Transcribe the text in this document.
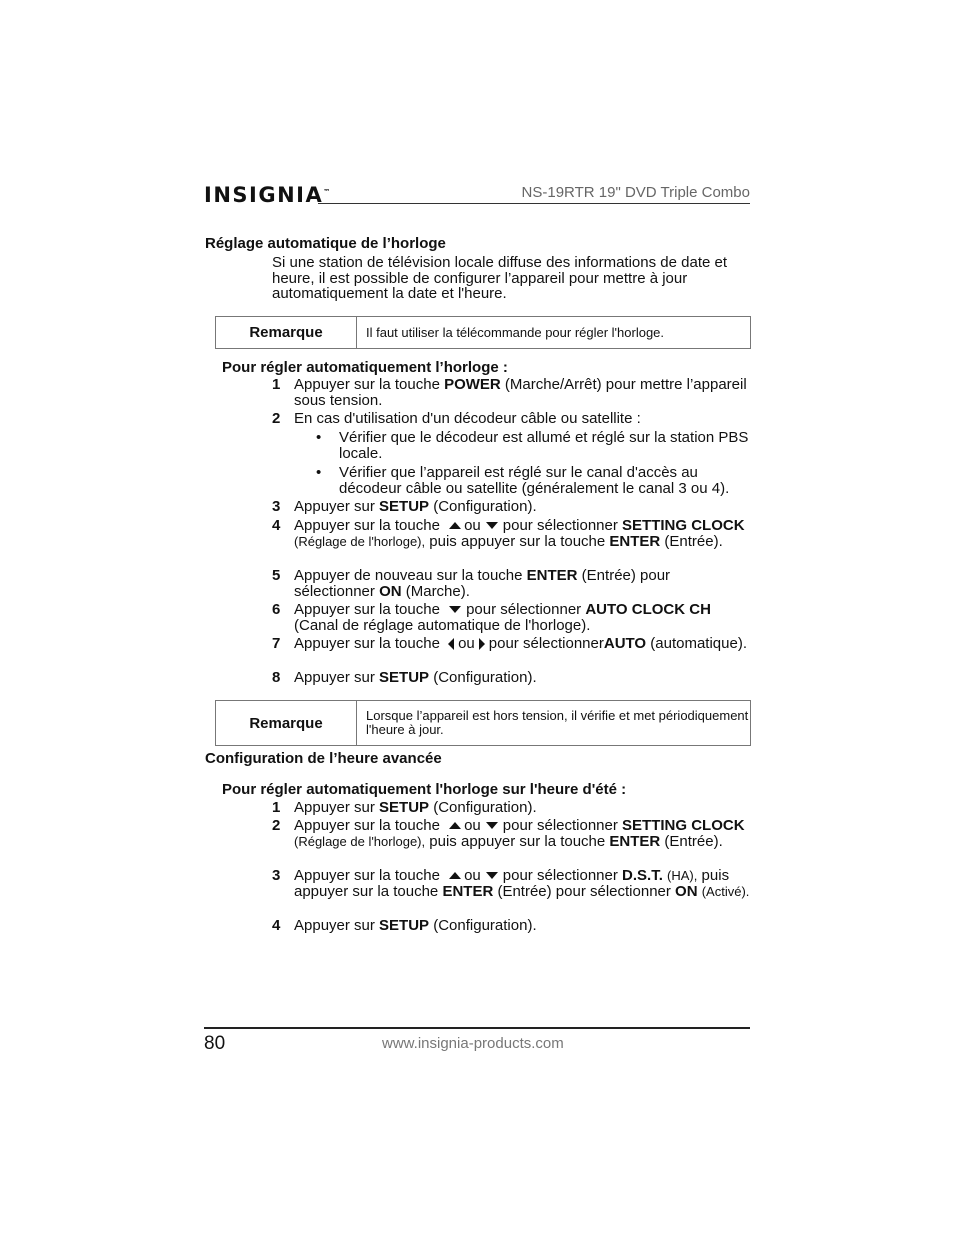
INSIGNIA™	NS-19RTR 19" DVD Triple Combo
Réglage automatique de l’horloge
Si une station de télévision locale diffuse des informations de date et heure, il est possible de configurer l’appareil pour mettre à jour automatiquement la date et l'heure.
Remarque	Il faut utiliser la télécommande pour régler l'horloge.
Pour régler automatiquement l’horloge :
1 Appuyer sur la touche POWER (Marche/Arrêt) pour mettre l’appareil sous tension.
2 En cas d'utilisation d'un décodeur câble ou satellite :
• Vérifier que le décodeur est allumé et réglé sur la station PBS locale.
• Vérifier que l’appareil est réglé sur le canal d'accès au décodeur câble ou satellite (généralement le canal 3 ou 4).
3 Appuyer sur SETUP (Configuration).
4 Appuyer sur la touche ou pour sélectionner SETTING CLOCK (Réglage de l'horloge), puis appuyer sur la touche ENTER (Entrée).
5 Appuyer de nouveau sur la touche ENTER (Entrée) pour sélectionner ON (Marche).
6 Appuyer sur la touche pour sélectionner AUTO CLOCK CH (Canal de réglage automatique de l'horloge).
7 Appuyer sur la touche ou pour sélectionnerAUTO (automatique).
8 Appuyer sur SETUP (Configuration).
Remarque	Lorsque l’appareil est hors tension, il vérifie et met périodiquement l'heure à jour.
Configuration de l’heure avancée
Pour régler automatiquement l'horloge sur l'heure d'été :
1 Appuyer sur SETUP (Configuration).
2 Appuyer sur la touche ou pour sélectionner SETTING CLOCK (Réglage de l'horloge), puis appuyer sur la touche ENTER (Entrée).
3 Appuyer sur la touche ou pour sélectionner D.S.T. (HA), puis appuyer sur la touche ENTER (Entrée) pour sélectionner ON (Activé).
4 Appuyer sur SETUP (Configuration).
80	www.insignia-products.com
